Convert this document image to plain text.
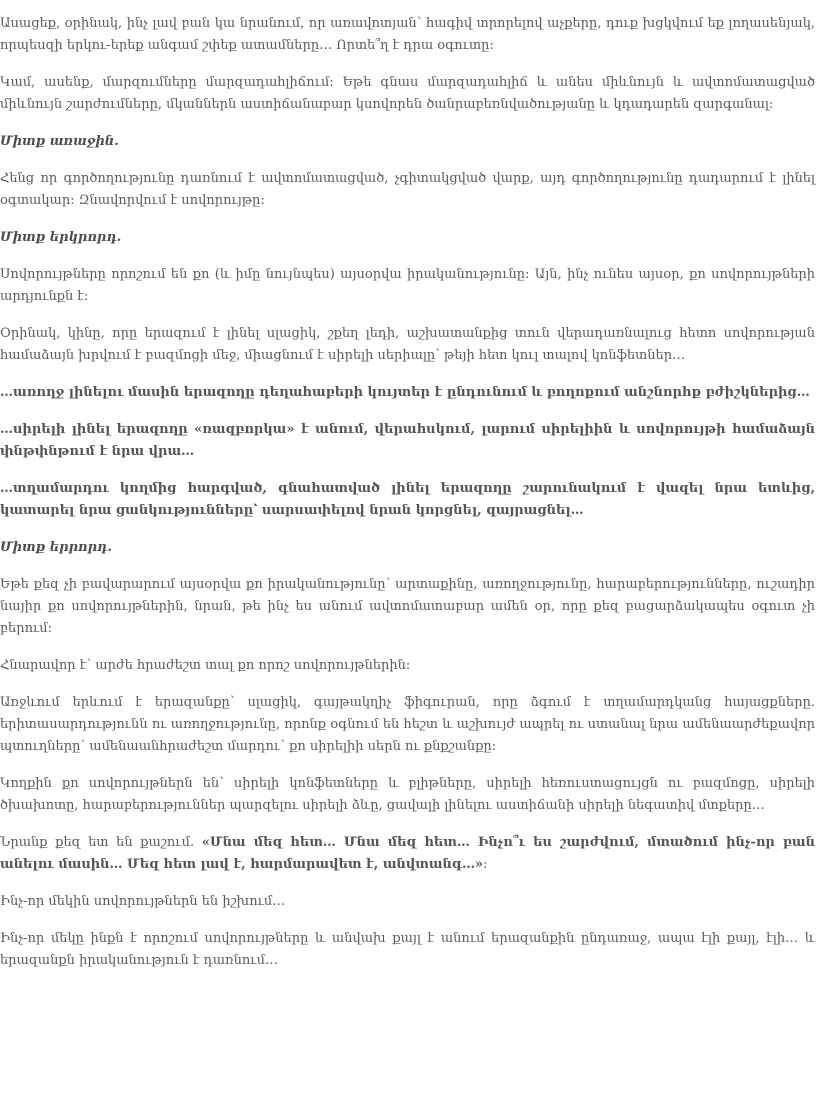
Ասացեք, օրինակ, ինչ լավ բան կա նրանում, որ առավոտյան՝ հագիվ տրորելով աչքերը, դուք խցկվում եք լողասենյակ, որպեսզի երկու-երեք անգամ շփեք ատամները… Որտե՞ղ է դրա օգուտը:

Կամ, ասենք, մարզումները մարզադահլիճում: Եթե գնաս մարզադահլիճ և անես միևնույն և ավտոմատացված միևնույն շարժումները, մկաններն աստիճանաբար կսովորեն ծանրաբեռնվածությանը և կդադարեն զարգանալ:

Միտք առաջին.

Հենց որ գործողությունը դառնում է ավտոմատացված, չգիտակցված վարք, այդ գործողությունը դադարում է լինել օգտակար: Զնավորվում է սովորույթը:

Միտք երկրորդ.

Սովորույթները որոշում են քո (և իմը նույնպես) այսօրվա իրականությունը: Այն, ինչ ունես այսօր, քո սովորույթների արդյունքն է:

Օրինակ, կինը, որը երազում է լինել սլացիկ, շքեղ լեդի, աշխատանքից տուն վերադառնալուց հետո սովորության համաձայն խրվում է բազմոցի մեջ, միացնում է սիրելի սերիալը՝ թեյի հետ կուլ տալով կոնֆետներ…

…առողջ լինելու մասին երազողը դեղահաբերի կույտեր է ընդունում և բողոքում անշնորհք բժիշկներից…

…սիրելի լինել երազողը «ռազբորկա» է անում, վերահսկում, լարում սիրելիին և սովորույթի համաձայն փնթփնթում է նրա վրա…

…տղամարդու կողմից հարգված, գնահատված լինել երազողը շարունակում է վազել նրա ետևից, կատարել նրա ցանկությունները՝ սարսափելով նրան կորցնել, զայրացնել…

Միտք երրորդ.

Եթե քեզ չի բավարարում այսօրվա քո իրականությունը՝ արտաքինը, առողջությունը, հարաբերությունները, ուշադիր նայիր քո սովորույթներին, նրան, թե ինչ ես անում ավտոմատաբար ամեն օր, որը քեզ բացարձակապես օգուտ չի բերում:

Հնարավոր է՝ արժե հրաժեշտ տալ քո որոշ սովորույթներին:

Առջևում երևում է երազանքը՝ սլացիկ, գայթակղիչ ֆիգուրան, որը ձգում է տղամարդկանց հայացքները. երիտասարդությունն ու առողջությունը, որոնք օգնում են հեշտ և աշխույժ ապրել ու ստանալ նրա ամենաարժեքավոր պտուղները՝ ամենաանհրաժեշտ մարդու՝ քո սիրելիի սերն ու քնքշանքը:

Կողքին քո սովորույթներն են՝ սիրելի կոնֆետները և բլիթները, սիրելի հեռուստացույցն ու բազմոցը, սիրելի ծխախոտը, հարաբերություններ պարզելու սիրելի ձևը, ցավալի լինելու աստիճանի սիրելի նեգատիվ մտքերը…

Նրանք քեզ ետ են քաշում. «Մնա մեզ հետ… Մնա մեզ հետ… Ինչո՞ւ ես շարժվում, մտածում ինչ-որ բան անելու մասին… Մեզ հետ լավ է, հարմարավետ է, անվտանգ…»:

Ինչ-որ մեկին սովորույթներն են իշխում…

Ինչ-որ մեկը ինքն է որոշում սովորույթները և անվախ քայլ է անում երազանքին ընդառաջ, ապա էլի քայլ, էլի… և երազանքն իրականություն է դառնում…
